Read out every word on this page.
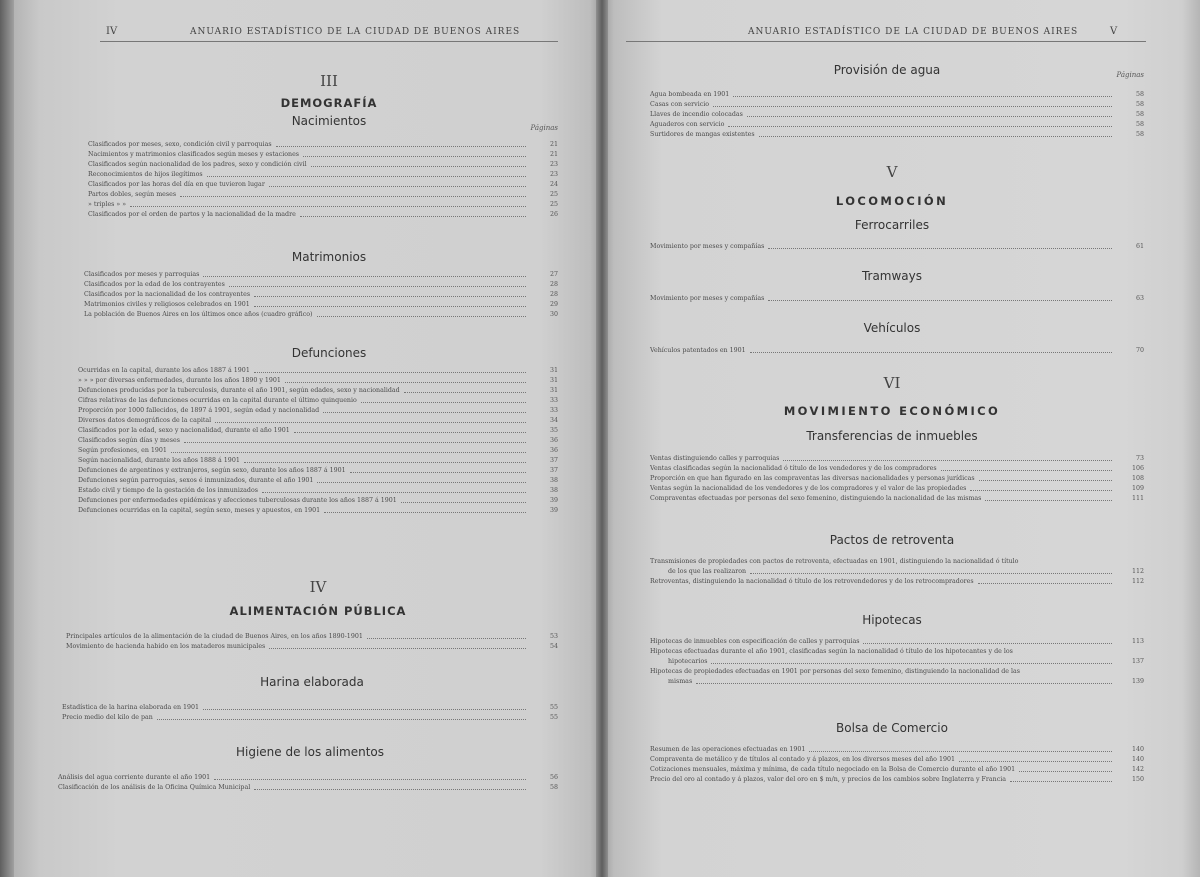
IV	ANUARIO ESTADÍSTICO DE LA CIUDAD DE BUENOS AIRES
III
DEMOGRAFÍA
Nacimientos	Páginas
Clasificados por meses, sexo, condición civil y parroquias	21
Nacimientos y matrimonios clasificados según meses y estaciones	21
Clasificados según nacionalidad de los padres, sexo y condición civil	23
Reconocimientos de hijos ilegítimos	23
Clasificados por las horas del día en que tuvieron lugar	24
Partos dobles, según meses	25
» triples » »	25
Clasificados por el orden de partos y la nacionalidad de la madre	26
Matrimonios
Clasificados por meses y parroquias	27
Clasificados por la edad de los contrayentes	28
Clasificados por la nacionalidad de los contrayentes	28
Matrimonios civiles y religiosos celebrados en 1901	29
La población de Buenos Aires en los últimos once años (cuadro gráfico)	30
Defunciones
Ocurridas en la capital, durante los años 1887 á 1901	31
» » » por diversas enfermedades, durante los años 1890 y 1901	31
Defunciones producidas por la tuberculosis, durante el año 1901, según edades, sexo y nacionalidad	31
Cifras relativas de las defunciones ocurridas en la capital durante el último quinquenio	33
Proporción por 1000 fallecidos, de 1897 á 1901, según edad y nacionalidad	33
Diversos datos demográficos de la capital	34
Clasificados por la edad, sexo y nacionalidad, durante el año 1901	35
Clasificados según días y meses	36
Según profesiones, en 1901	36
Según nacionalidad, durante los años 1888 á 1901	37
Defunciones de argentinos y extranjeros, según sexo, durante los años 1887 á 1901	37
Defunciones según parroquias, sexos é inmunizados, durante el año 1901	38
Estado civil y tiempo de la gestación de los inmunizados	38
Defunciones por enfermedades epidémicas y afecciones tuberculosas durante los años 1887 á 1901	39
Defunciones ocurridas en la capital, según sexo, meses y apuestos, en 1901	39
IV
ALIMENTACIÓN PÚBLICA
Principales artículos de la alimentación de la ciudad de Buenos Aires, en los años 1890-1901	53
Movimiento de hacienda habido en los mataderos municipales	54
Harina elaborada
Estadística de la harina elaborada en 1901	55
Precio medio del kilo de pan	55
Higiene de los alimentos
Análisis del agua corriente durante el año 1901	56
Clasificación de los análisis de la Oficina Química Municipal	58
ANUARIO ESTADÍSTICO DE LA CIUDAD DE BUENOS AIRES	V
Provisión de agua	Páginas
Agua bombeada en 1901	58
Casas con servicio	58
Llaves de incendio colocadas	58
Aguaderos con servicio	58
Surtidores de mangas existentes	58
V
LOCOMOCIÓN
Ferrocarriles
Movimiento por meses y compañías	61
Tramways
Movimiento por meses y compañías	63
Vehículos
Vehículos patentados en 1901	70
VI
MOVIMIENTO ECONÓMICO
Transferencias de inmuebles
Ventas distinguiendo calles y parroquias	73
Ventas clasificadas según la nacionalidad ó título de los vendedores y de los compradores	106
Proporción en que han figurado en las compraventas las diversas nacionalidades y personas jurídicas	108
Ventas según la nacionalidad de los vendedores y de los compradores y el valor de las propiedades	109
Compraventas efectuadas por personas del sexo femenino, distinguiendo la nacionalidad de las mismas	111
Pactos de retroventa
Transmisiones de propiedades con pactos de retroventa, efectuadas en 1901, distinguiendo la nacionalidad ó título
de los que las realizaron	112
Retroventas, distinguiendo la nacionalidad ó título de los retrovendedores y de los retrocompradores	112
Hipotecas
Hipotecas de inmuebles con especificación de calles y parroquias	113
Hipotecas efectuadas durante el año 1901, clasificadas según la nacionalidad ó título de los hipotecantes y de los
hipotecarios	137
Hipotecas de propiedades efectuadas en 1901 por personas del sexo femenino, distinguiendo la nacionalidad de las
mismas	139
Bolsa de Comercio
Resumen de las operaciones efectuadas en 1901	140
Compraventa de metálico y de títulos al contado y á plazos, en los diversos meses del año 1901	140
Cotizaciones mensuales, máxima y mínima, de cada título negociado en la Bolsa de Comercio durante el año 1901	142
Precio del oro al contado y á plazos, valor del oro en $ m/n, y precios de los cambios sobre Inglaterra y Francia	150
